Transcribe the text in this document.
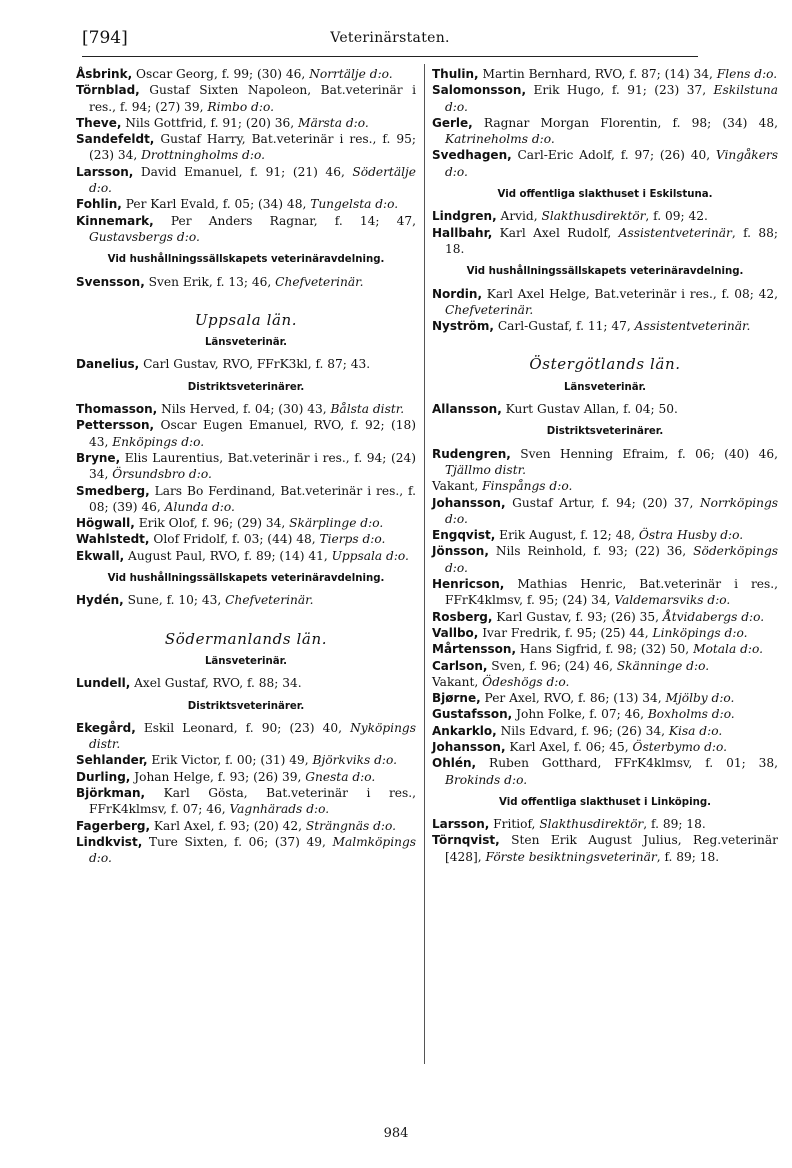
[794]	Veterinärstaten.

Åsbrink, Oscar Georg, f. 99; (30) 46, Norrtälje d:o.

Törnblad, Gustaf Sixten Napoleon, Bat.veterinär i res., f. 94; (27) 39, Rimbo d:o.

Theve, Nils Gottfrid, f. 91; (20) 36, Märsta d:o.

Sandefeldt, Gustaf Harry, Bat.veterinär i res., f. 95; (23) 34, Drottningholms d:o.

Larsson, David Emanuel, f. 91; (21) 46, Södertälje d:o.

Fohlin, Per Karl Evald, f. 05; (34) 48, Tungelsta d:o.

Kinnemark, Per Anders Ragnar, f. 14; 47, Gustavsbergs d:o.

Vid hushållningssällskapets veterinäravdelning.

Svensson, Sven Erik, f. 13; 46, Chefveterinär.

Uppsala län.
Länsveterinär.

Danelius, Carl Gustav, RVO, FFrK3kl, f. 87; 43.

Distriktsveterinärer.

Thomasson, Nils Herved, f. 04; (30) 43, Bålsta distr.

Pettersson, Oscar Eugen Emanuel, RVO, f. 92; (18) 43, Enköpings d:o.

Bryne, Elis Laurentius, Bat.veterinär i res., f. 94; (24) 34, Örsundsbro d:o.

Smedberg, Lars Bo Ferdinand, Bat.veterinär i res., f. 08; (39) 46, Alunda d:o.

Högwall, Erik Olof, f. 96; (29) 34, Skärplinge d:o.

Wahlstedt, Olof Fridolf, f. 03; (44) 48, Tierps d:o.

Ekwall, August Paul, RVO, f. 89; (14) 41, Uppsala d:o.

Vid hushållningssällskapets veterinäravdelning.

Hydén, Sune, f. 10; 43, Chefveterinär.

Södermanlands län.
Länsveterinär.

Lundell, Axel Gustaf, RVO, f. 88; 34.

Distriktsveterinärer.

Ekegård, Eskil Leonard, f. 90; (23) 40, Nyköpings distr.

Sehlander, Erik Victor, f. 00; (31) 49, Björkviks d:o.

Durling, Johan Helge, f. 93; (26) 39, Gnesta d:o.

Björkman, Karl Gösta, Bat.veterinär i res., FFrK4klmsv, f. 07; 46, Vagnhärads d:o.

Fagerberg, Karl Axel, f. 93; (20) 42, Strängnäs d:o.

Lindkvist, Ture Sixten, f. 06; (37) 49, Malmköpings d:o.

Thulin, Martin Bernhard, RVO, f. 87; (14) 34, Flens d:o.

Salomonsson, Erik Hugo, f. 91; (23) 37, Eskilstuna d:o.

Gerle, Ragnar Morgan Florentin, f. 98; (34) 48, Katrineholms d:o.

Svedhagen, Carl-Eric Adolf, f. 97; (26) 40, Vingåkers d:o.

Vid offentliga slakthuset i Eskilstuna.

Lindgren, Arvid, Slakthusdirektör, f. 09; 42.

Hallbahr, Karl Axel Rudolf, Assistentveterinär, f. 88; 18.

Vid hushållningssällskapets veterinäravdelning.

Nordin, Karl Axel Helge, Bat.veterinär i res., f. 08; 42, Chefveterinär.

Nyström, Carl-Gustaf, f. 11; 47, Assistentveterinär.

Östergötlands län.
Länsveterinär.

Allansson, Kurt Gustav Allan, f. 04; 50.

Distriktsveterinärer.

Rudengren, Sven Henning Efraim, f. 06; (40) 46, Tjällmo distr.

Vakant, Finspångs d:o.

Johansson, Gustaf Artur, f. 94; (20) 37, Norrköpings d:o.

Engqvist, Erik August, f. 12; 48, Östra Husby d:o.

Jönsson, Nils Reinhold, f. 93; (22) 36, Söderköpings d:o.

Henricson, Mathias Henric, Bat.veterinär i res., FFrK4klmsv, f. 95; (24) 34, Valdemarsviks d:o.

Rosberg, Karl Gustav, f. 93; (26) 35, Åtvidabergs d:o.

Vallbo, Ivar Fredrik, f. 95; (25) 44, Linköpings d:o.

Mårtensson, Hans Sigfrid, f. 98; (32) 50, Motala d:o.

Carlson, Sven, f. 96; (24) 46, Skänninge d:o.

Vakant, Ödeshögs d:o.

Bjørne, Per Axel, RVO, f. 86; (13) 34, Mjölby d:o.

Gustafsson, John Folke, f. 07; 46, Boxholms d:o.

Ankarklo, Nils Edvard, f. 96; (26) 34, Kisa d:o.

Johansson, Karl Axel, f. 06; 45, Österbymo d:o.

Ohlén, Ruben Gotthard, FFrK4klmsv, f. 01; 38, Brokinds d:o.

Vid offentliga slakthuset i Linköping.

Larsson, Fritiof, Slakthusdirektör, f. 89; 18.

Törnqvist, Sten Erik August Julius, Reg.veterinär [428], Förste besiktningsveterinär, f. 89; 18.

984
